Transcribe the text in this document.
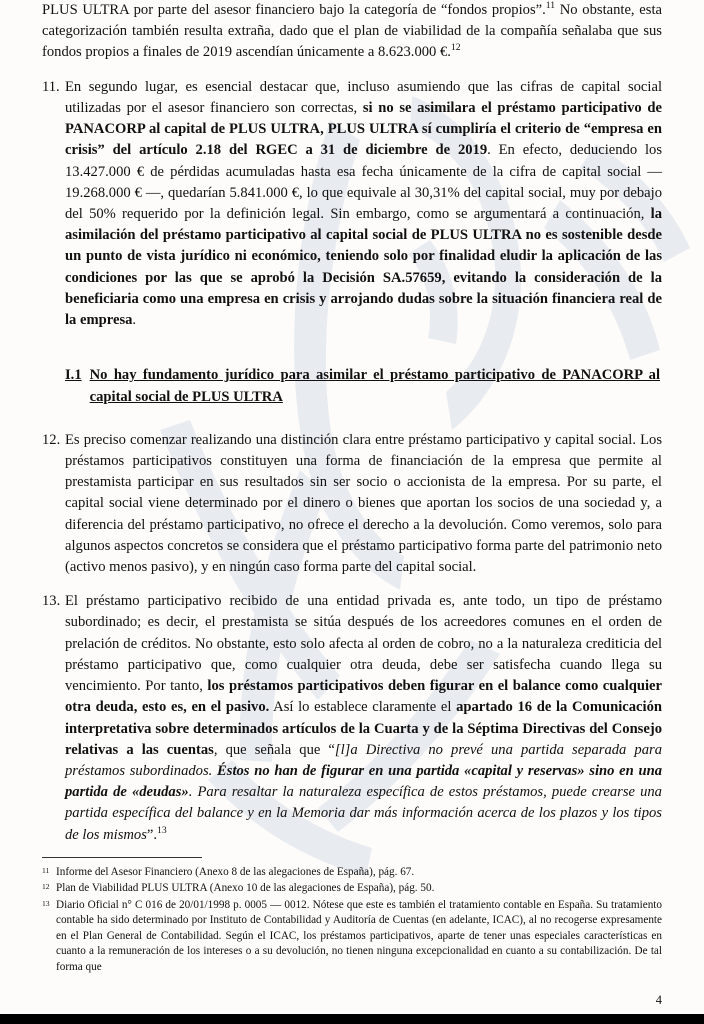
PLUS ULTRA por parte del asesor financiero bajo la categoría de “fondos propios”.$^{11}$ No obstante, esta categorización también resulta extraña, dado que el plan de viabilidad de la compañía señalaba que sus fondos propios a finales de 2019 ascendían únicamente a 8.623.000 €.$^{12}$

11. En segundo lugar, es esencial destacar que, incluso asumiendo que las cifras de capital social utilizadas por el asesor financiero son correctas, si no se asimilara el préstamo participativo de PANACORP al capital de PLUS ULTRA, PLUS ULTRA sí cumpliría el criterio de “empresa en crisis” del artículo 2.18 del RGEC a 31 de diciembre de 2019. En efecto, deduciendo los 13.427.000 € de pérdidas acumuladas hasta esa fecha únicamente de la cifra de capital social — 19.268.000 € —, quedarían 5.841.000 €, lo que equivale al 30,31% del capital social, muy por debajo del 50% requerido por la definición legal. Sin embargo, como se argumentará a continuación, la asimilación del préstamo participativo al capital social de PLUS ULTRA no es sostenible desde un punto de vista jurídico ni económico, teniendo solo por finalidad eludir la aplicación de las condiciones por las que se aprobó la Decisión SA.57659, evitando la consideración de la beneficiaria como una empresa en crisis y arrojando dudas sobre la situación financiera real de la empresa.
I.1 No hay fundamento jurídico para asimilar el préstamo participativo de PANACORP al capital social de PLUS ULTRA
12. Es preciso comenzar realizando una distinción clara entre préstamo participativo y capital social. Los préstamos participativos constituyen una forma de financiación de la empresa que permite al prestamista participar en sus resultados sin ser socio o accionista de la empresa. Por su parte, el capital social viene determinado por el dinero o bienes que aportan los socios de una sociedad y, a diferencia del préstamo participativo, no ofrece el derecho a la devolución. Como veremos, solo para algunos aspectos concretos se considera que el préstamo participativo forma parte del patrimonio neto (activo menos pasivo), y en ningún caso forma parte del capital social.
13. El préstamo participativo recibido de una entidad privada es, ante todo, un tipo de préstamo subordinado; es decir, el prestamista se sitúa después de los acreedores comunes en el orden de prelación de créditos. No obstante, esto solo afecta al orden de cobro, no a la naturaleza crediticia del préstamo participativo que, como cualquier otra deuda, debe ser satisfecha cuando llega su vencimiento. Por tanto, los préstamos participativos deben figurar en el balance como cualquier otra deuda, esto es, en el pasivo. Así lo establece claramente el apartado 16 de la Comunicación interpretativa sobre determinados artículos de la Cuarta y de la Séptima Directivas del Consejo relativas a las cuentas, que señala que “[l]a Directiva no prevé una partida separada para préstamos subordinados. Éstos no han de figurar en una partida «capital y reservas» sino en una partida de «deudas». Para resaltar la naturaleza específica de estos préstamos, puede crearse una partida específica del balance y en la Memoria dar más información acerca de los plazos y los tipos de los mismos”.$^{13}$
11 Informe del Asesor Financiero (Anexo 8 de las alegaciones de España), pág. 67.
12 Plan de Viabilidad PLUS ULTRA (Anexo 10 de las alegaciones de España), pág. 50.
13 Diario Oficial n° C 016 de 20/01/1998 p. 0005 — 0012. Nótese que este es también el tratamiento contable en España. Su tratamiento contable ha sido determinado por Instituto de Contabilidad y Auditoría de Cuentas (en adelante, ICAC), al no recogerse expresamente en el Plan General de Contabilidad. Según el ICAC, los préstamos participativos, aparte de tener unas especiales características en cuanto a la remuneración de los intereses o a su devolución, no tienen ninguna excepcionalidad en cuanto a su contabilización. De tal forma que
4
